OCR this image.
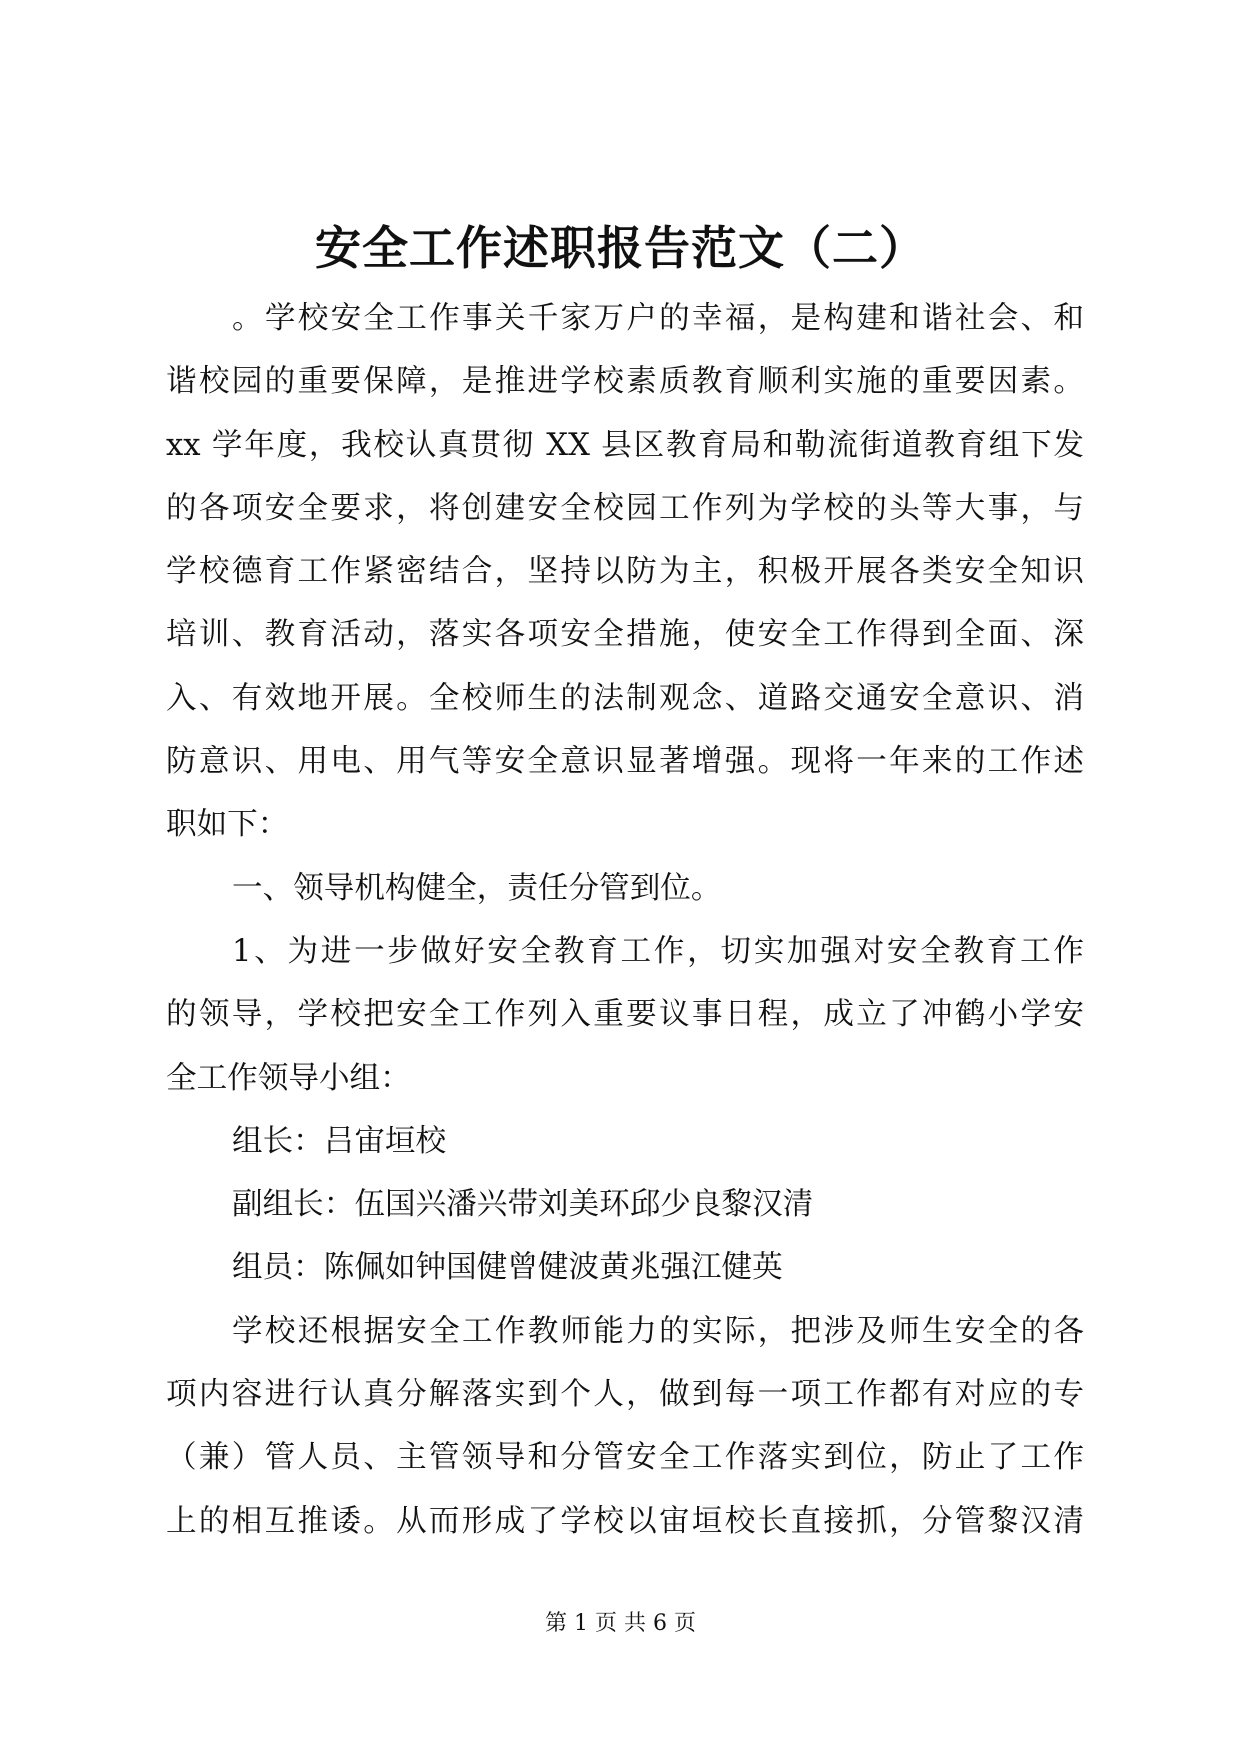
安全工作述职报告范文（二）
。学校安全工作事关千家万户的幸福，是构建和谐社会、和
谐校园的重要保障，是推进学校素质教育顺利实施的重要因素。
xx 学年度，我校认真贯彻 XX 县区教育局和勒流街道教育组下发
的各项安全要求，将创建安全校园工作列为学校的头等大事，与
学校德育工作紧密结合，坚持以防为主，积极开展各类安全知识
培训、教育活动，落实各项安全措施，使安全工作得到全面、深
入、有效地开展。全校师生的法制观念、道路交通安全意识、消
防意识、用电、用气等安全意识显著增强。现将一年来的工作述
职如下：
一、领导机构健全，责任分管到位。
1、为进一步做好安全教育工作，切实加强对安全教育工作
的领导，学校把安全工作列入重要议事日程，成立了冲鹤小学安
全工作领导小组：
组长：吕宙垣校
副组长：伍国兴潘兴带刘美环邱少良黎汉清
组员：陈佩如钟国健曾健波黄兆强江健英
学校还根据安全工作教师能力的实际，把涉及师生安全的各
项内容进行认真分解落实到个人，做到每一项工作都有对应的专
（兼）管人员、主管领导和分管安全工作落实到位，防止了工作
上的相互推诿。从而形成了学校以宙垣校长直接抓，分管黎汉清
第 1 页 共 6 页
